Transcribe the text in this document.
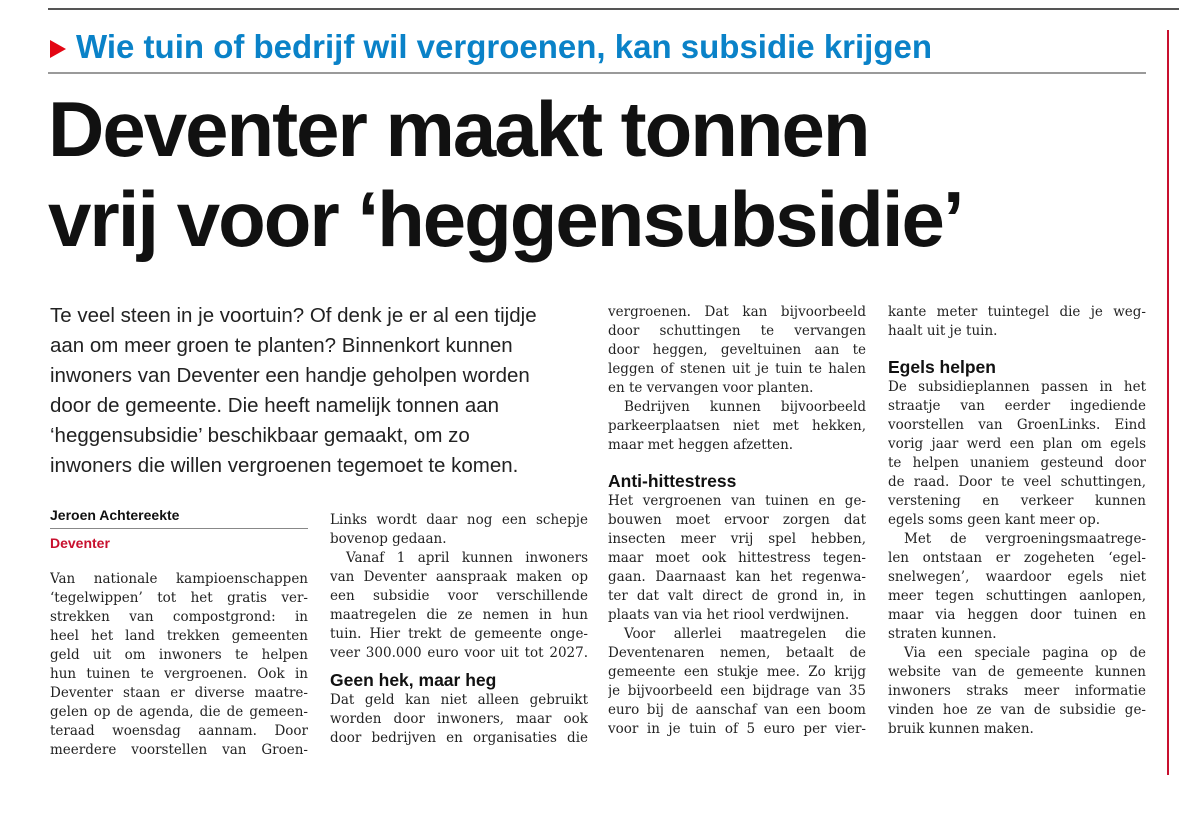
Wie tuin of bedrijf wil vergroenen, kan subsidie krijgen
Deventer maakt tonnen
vrij voor ‘heggensubsidie’
Te veel steen in je voortuin? Of denk je er al een tijdje
aan om meer groen te planten? Binnenkort kunnen
inwoners van Deventer een handje geholpen worden
door de gemeente. Die heeft namelijk tonnen aan
‘heggensubsidie’ beschikbaar gemaakt, om zo
inwoners die willen vergroenen tegemoet te komen.
Jeroen Achtereekte
Deventer
Van nationale kampioenschappen
‘tegelwippen’ tot het gratis ver-
strekken van compostgrond: in
heel het land trekken gemeenten
geld uit om inwoners te helpen
hun tuinen te vergroenen. Ook in
Deventer staan er diverse maatre-
gelen op de agenda, die de gemeen-
teraad woensdag aannam. Door
meerdere voorstellen van Groen-
Links wordt daar nog een schepje
bovenop gedaan.
Vanaf 1 april kunnen inwoners
van Deventer aanspraak maken op
een subsidie voor verschillende
maatregelen die ze nemen in hun
tuin. Hier trekt de gemeente onge-
veer 300.000 euro voor uit tot 2027.
Geen hek, maar heg
Dat geld kan niet alleen gebruikt
worden door inwoners, maar ook
door bedrijven en organisaties die
vergroenen. Dat kan bijvoorbeeld
door schuttingen te vervangen
door heggen, geveltuinen aan te
leggen of stenen uit je tuin te halen
en te vervangen voor planten.
Bedrijven kunnen bijvoorbeeld
parkeerplaatsen niet met hekken,
maar met heggen afzetten.
Anti-hittestress
Het vergroenen van tuinen en ge-
bouwen moet ervoor zorgen dat
insecten meer vrij spel hebben,
maar moet ook hittestress tegen-
gaan. Daarnaast kan het regenwa-
ter dat valt direct de grond in, in
plaats van via het riool verdwijnen.
Voor allerlei maatregelen die
Deventenaren nemen, betaalt de
gemeente een stukje mee. Zo krijg
je bijvoorbeeld een bijdrage van 35
euro bij de aanschaf van een boom
voor in je tuin of 5 euro per vier-
kante meter tuintegel die je weg-
haalt uit je tuin.
Egels helpen
De subsidieplannen passen in het
straatje van eerder ingediende
voorstellen van GroenLinks. Eind
vorig jaar werd een plan om egels
te helpen unaniem gesteund door
de raad. Door te veel schuttingen,
verstening en verkeer kunnen
egels soms geen kant meer op.
Met de vergroeningsmaatrege-
len ontstaan er zogeheten ‘egel-
snelwegen’, waardoor egels niet
meer tegen schuttingen aanlopen,
maar via heggen door tuinen en
straten kunnen.
Via een speciale pagina op de
website van de gemeente kunnen
inwoners straks meer informatie
vinden hoe ze van de subsidie ge-
bruik kunnen maken.
